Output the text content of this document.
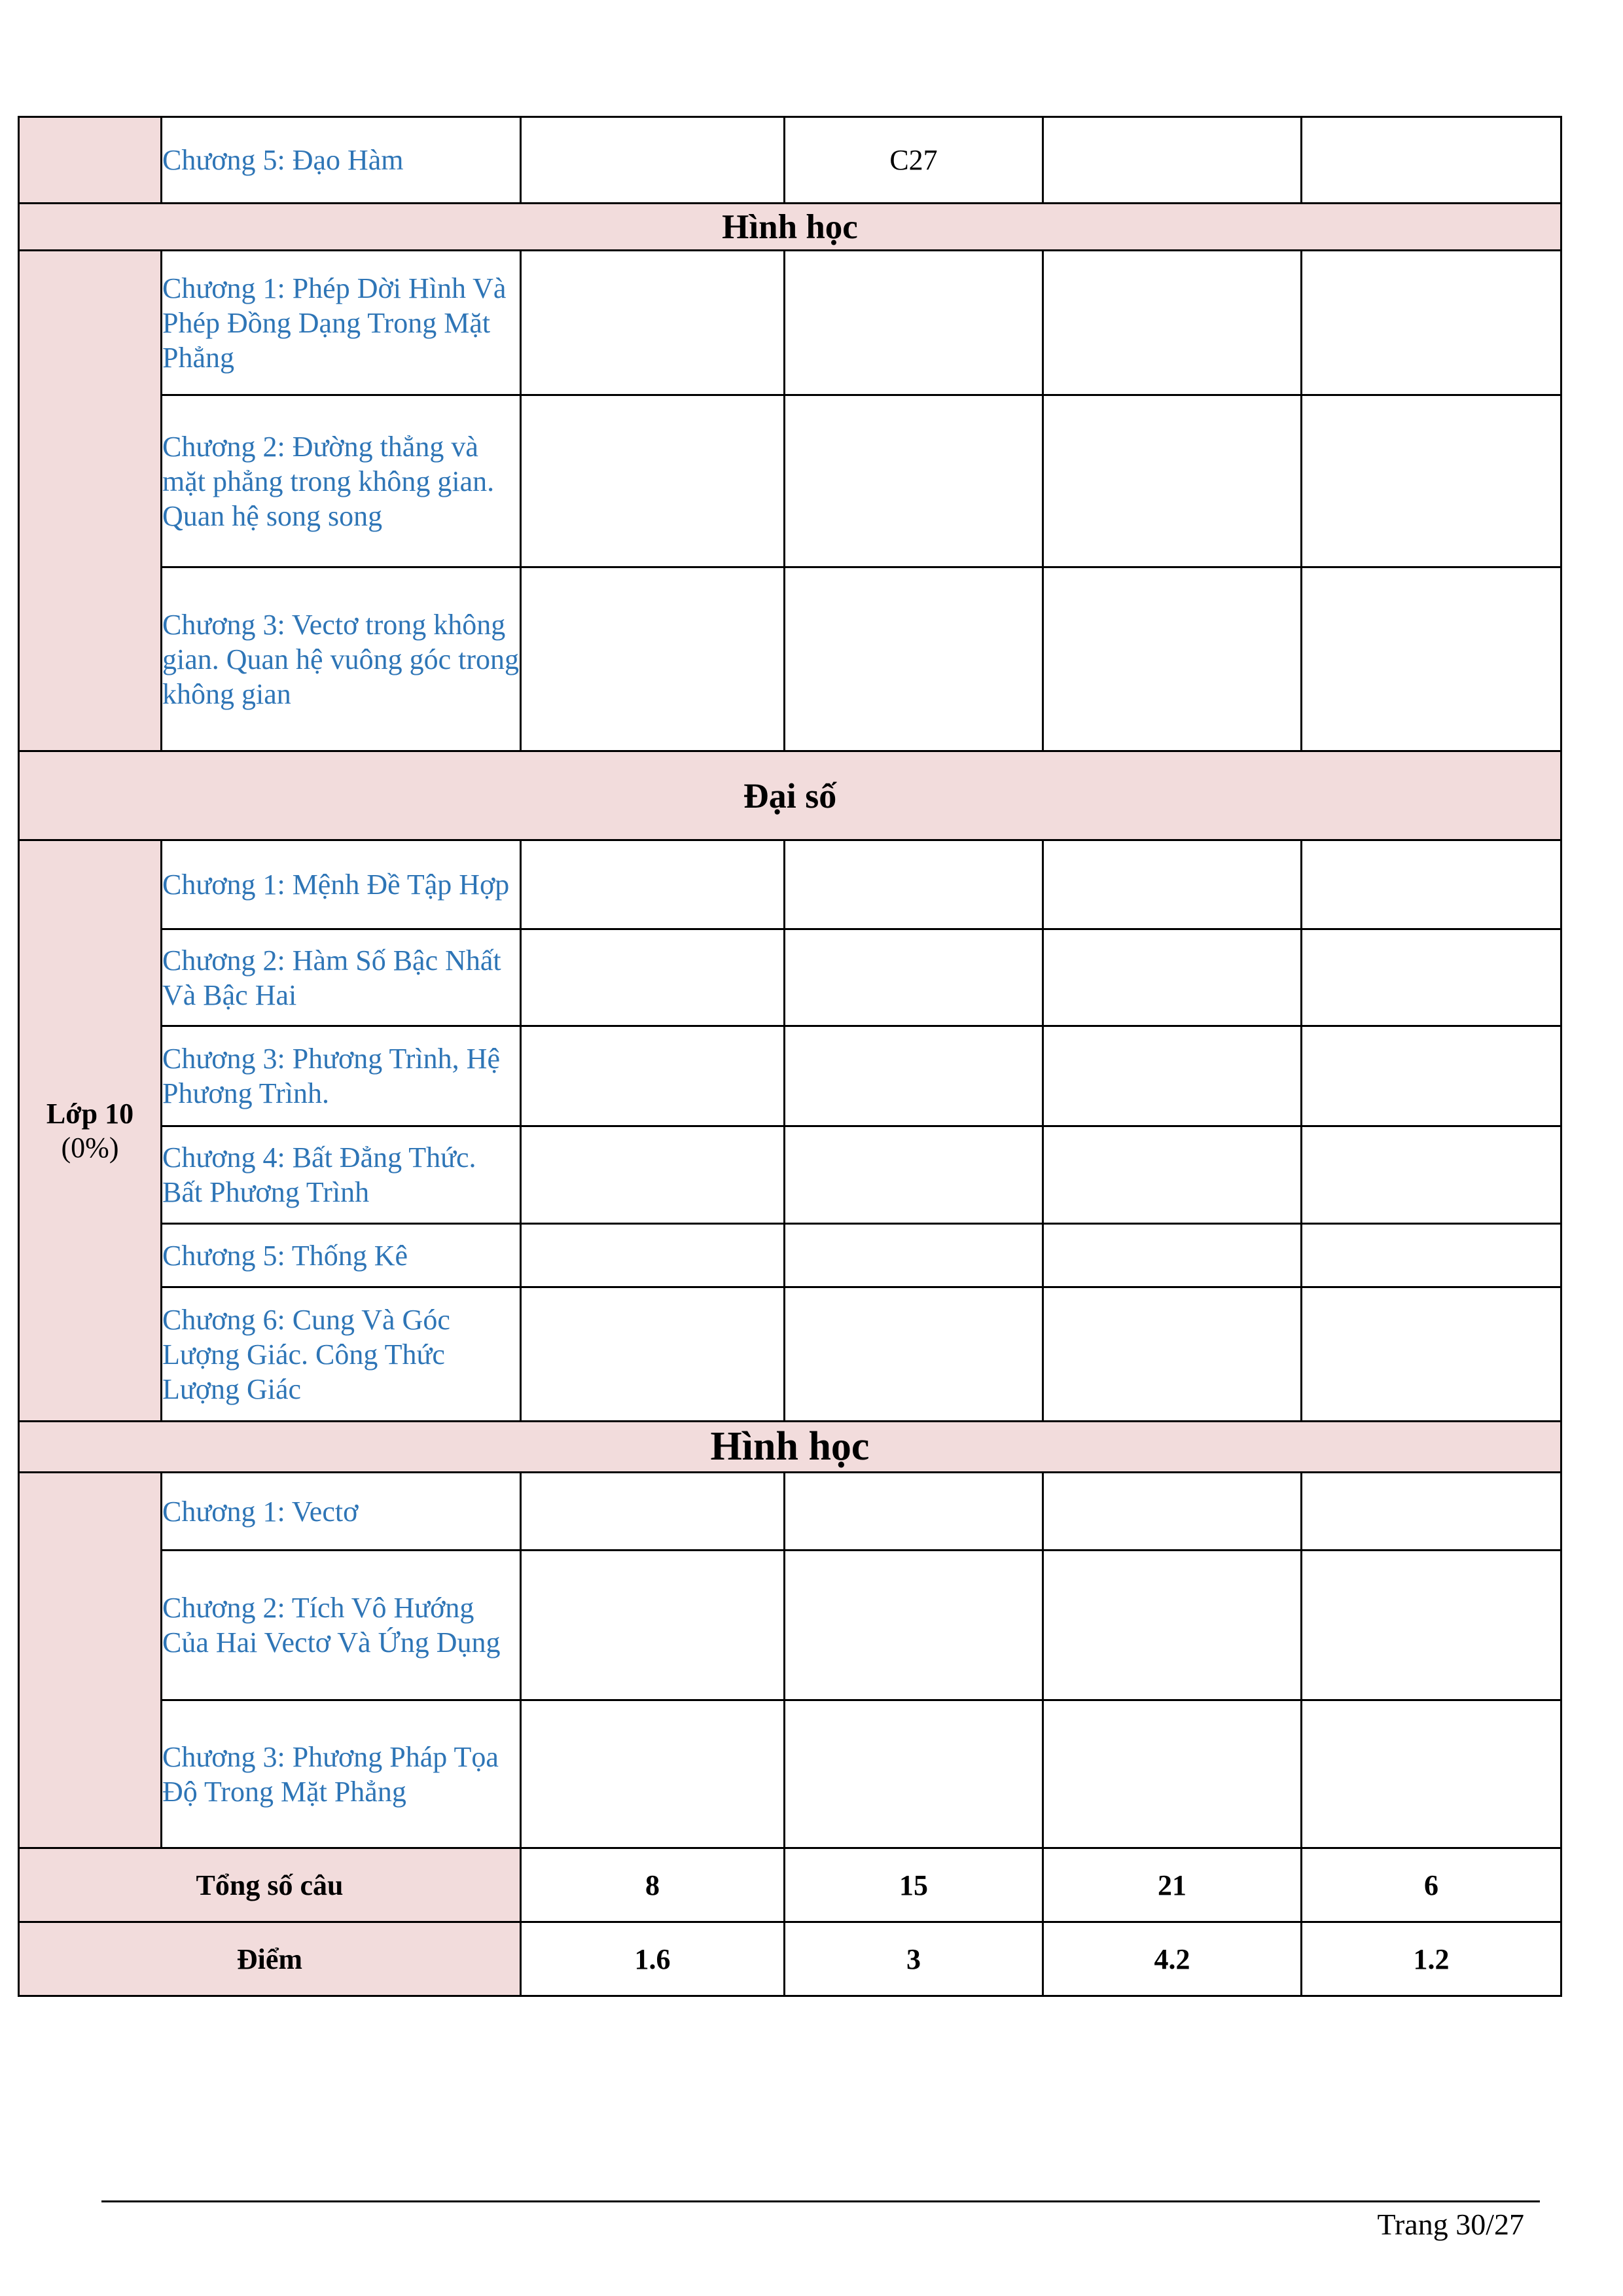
	Chương 5: Đạo Hàm		C27		
Hình học					
	Chương 1: Phép Dời Hình Và Phép Đồng Dạng Trong Mặt Phẳng				
	Chương 2: Đường thẳng và mặt phẳng trong không gian. Quan hệ song song				
	Chương 3: Vectơ trong không gian. Quan hệ vuông góc trong không gian				
Đại số					

Lớp 10
(0%)	Chương 1: Mệnh Đề Tập Hợp				
	Chương 2: Hàm Số Bậc Nhất Và Bậc Hai				
	Chương 3: Phương Trình, Hệ Phương Trình.				
	Chương 4: Bất Đẳng Thức. Bất Phương Trình				
	Chương 5: Thống Kê				
	Chương 6: Cung Và Góc Lượng Giác. Công Thức Lượng Giác				
Hình học					
	Chương 1: Vectơ				
	Chương 2: Tích Vô Hướng Của Hai Vectơ Và Ứng Dụng				
	Chương 3: Phương Pháp Tọa Độ Trong Mặt Phẳng				
Tổng số câu		8	15	21	6
Điểm		1.6	3	4.2	1.2
Trang 30/27
